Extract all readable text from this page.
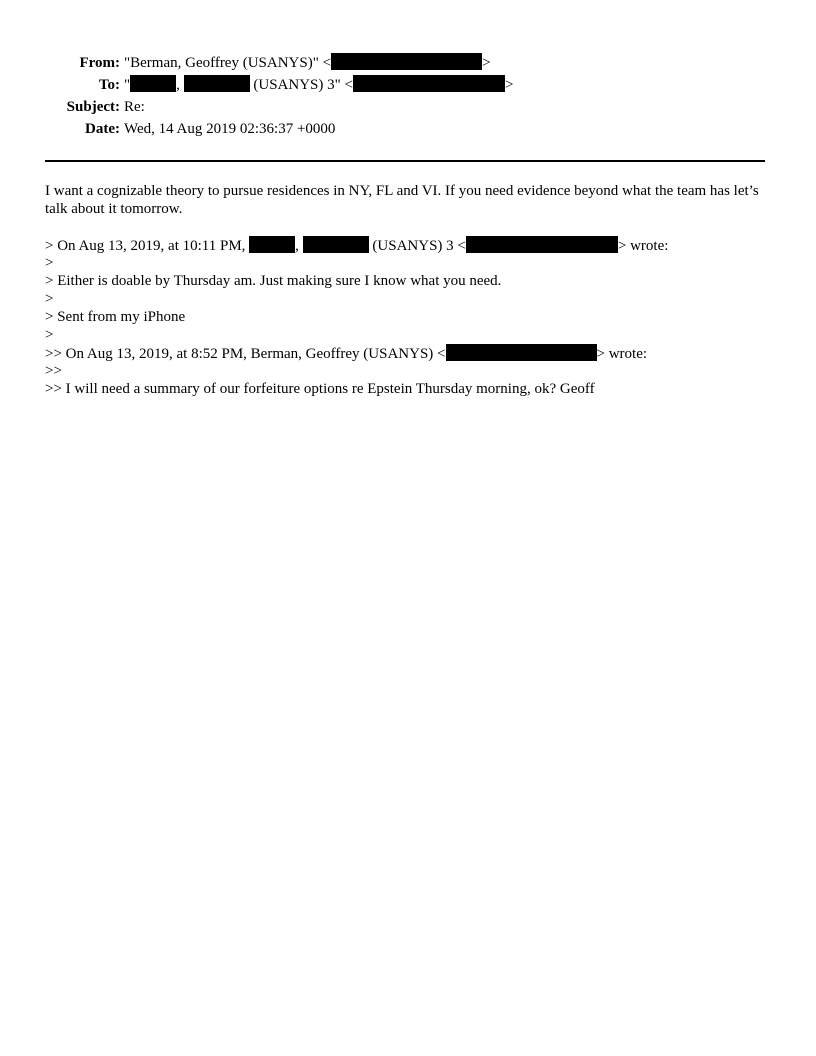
From: "Berman, Geoffrey (USANYS)" <	>
To: "	,	(USANYS) 3" <	>
Subject: Re:
Date: Wed, 14 Aug 2019 02:36:37 +0000

I want a cognizable theory to pursue residences in NY, FL and VI. If you need evidence beyond what the team has let’s talk about it tomorrow.

> On Aug 13, 2019, at 10:11 PM,	,	(USANYS) 3 <	> wrote:
>
> Either is doable by Thursday am. Just making sure I know what you need.
>
> Sent from my iPhone
>
>> On Aug 13, 2019, at 8:52 PM, Berman, Geoffrey (USANYS) <	> wrote:
>>
>> I will need a summary of our forfeiture options re Epstein Thursday morning, ok? Geoff
